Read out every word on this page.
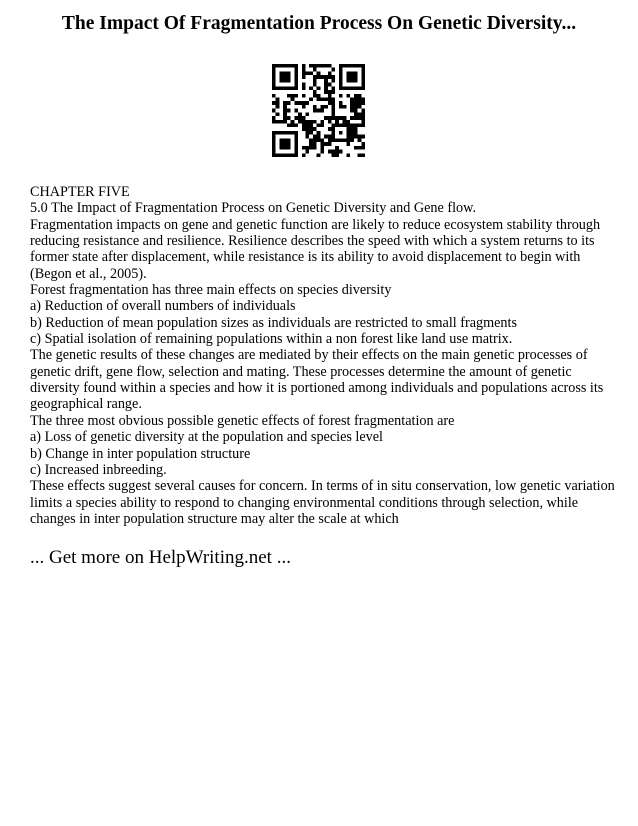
The Impact Of Fragmentation Process On Genetic Diversity...
CHAPTER FIVE
5.0 The Impact of Fragmentation Process on Genetic Diversity and Gene flow.
Fragmentation impacts on gene and genetic function are likely to reduce ecosystem stability through reducing resistance and resilience. Resilience describes the speed with which a system returns to its former state after displacement, while resistance is its ability to avoid displacement to begin with (Begon et al., 2005).
Forest fragmentation has three main effects on species diversity
a) Reduction of overall numbers of individuals
b) Reduction of mean population sizes as individuals are restricted to small fragments
c) Spatial isolation of remaining populations within a non forest like land use matrix.
The genetic results of these changes are mediated by their effects on the main genetic processes of genetic drift, gene flow, selection and mating. These processes determine the amount of genetic diversity found within a species and how it is portioned among individuals and populations across its geographical range.
The three most obvious possible genetic effects of forest fragmentation are
a) Loss of genetic diversity at the population and species level
b) Change in inter population structure
c) Increased inbreeding.
These effects suggest several causes for concern. In terms of in situ conservation, low genetic variation limits a species ability to respond to changing environmental conditions through selection, while changes in inter population structure may alter the scale at which
... Get more on HelpWriting.net ...
